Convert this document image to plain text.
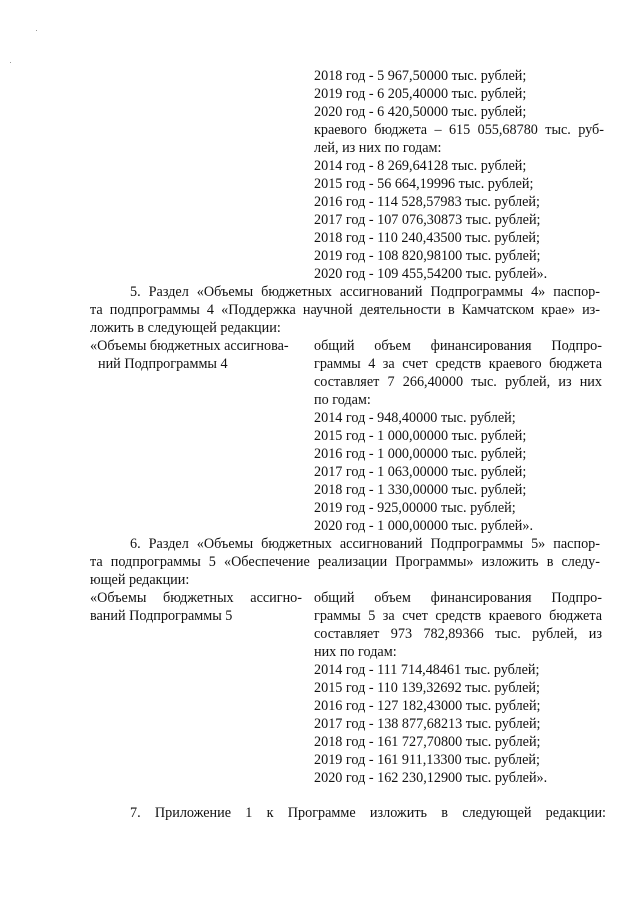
2018 год - 5 967,50000 тыс. рублей;
2019 год - 6 205,40000 тыс. рублей;
2020 год - 6 420,50000 тыс. рублей;
краевого бюджета – 615 055,68780 тыс. руб-
лей, из них по годам:
2014 год - 8 269,64128 тыс. рублей;
2015 год - 56 664,19996 тыс. рублей;
2016 год - 114 528,57983 тыс. рублей;
2017 год - 107 076,30873 тыс. рублей;
2018 год - 110 240,43500 тыс. рублей;
2019 год - 108 820,98100 тыс. рублей;
2020 год - 109 455,54200 тыс. рублей».
5. Раздел «Объемы бюджетных ассигнований Подпрограммы 4» паспор-
та подпрограммы 4 «Поддержка научной деятельности в Камчатском крае» из-
ложить в следующей редакции:
«Объемы бюджетных ассигнова-
ний Подпрограммы 4
общий объем финансирования Подпро-
граммы 4 за счет средств краевого бюджета
составляет 7 266,40000 тыс. рублей, из них
по годам:
2014 год - 948,40000 тыс. рублей;
2015 год - 1 000,00000 тыс. рублей;
2016 год - 1 000,00000 тыс. рублей;
2017 год - 1 063,00000 тыс. рублей;
2018 год - 1 330,00000 тыс. рублей;
2019 год - 925,00000 тыс. рублей;
2020 год - 1 000,00000 тыс. рублей».
6. Раздел «Объемы бюджетных ассигнований Подпрограммы 5» паспор-
та подпрограммы 5 «Обеспечение реализации Программы» изложить в следу-
ющей редакции:
«Объемы бюджетных ассигно-
ваний Подпрограммы 5
общий объем финансирования Подпро-
граммы 5 за счет средств краевого бюджета
составляет 973 782,89366 тыс. рублей, из
них по годам:
2014 год - 111 714,48461 тыс. рублей;
2015 год - 110 139,32692 тыс. рублей;
2016 год - 127 182,43000 тыс. рублей;
2017 год - 138 877,68213 тыс. рублей;
2018 год - 161 727,70800 тыс. рублей;
2019 год - 161 911,13300 тыс. рублей;
2020 год - 162 230,12900 тыс. рублей».
7. Приложение 1 к Программе изложить в следующей редакции:
